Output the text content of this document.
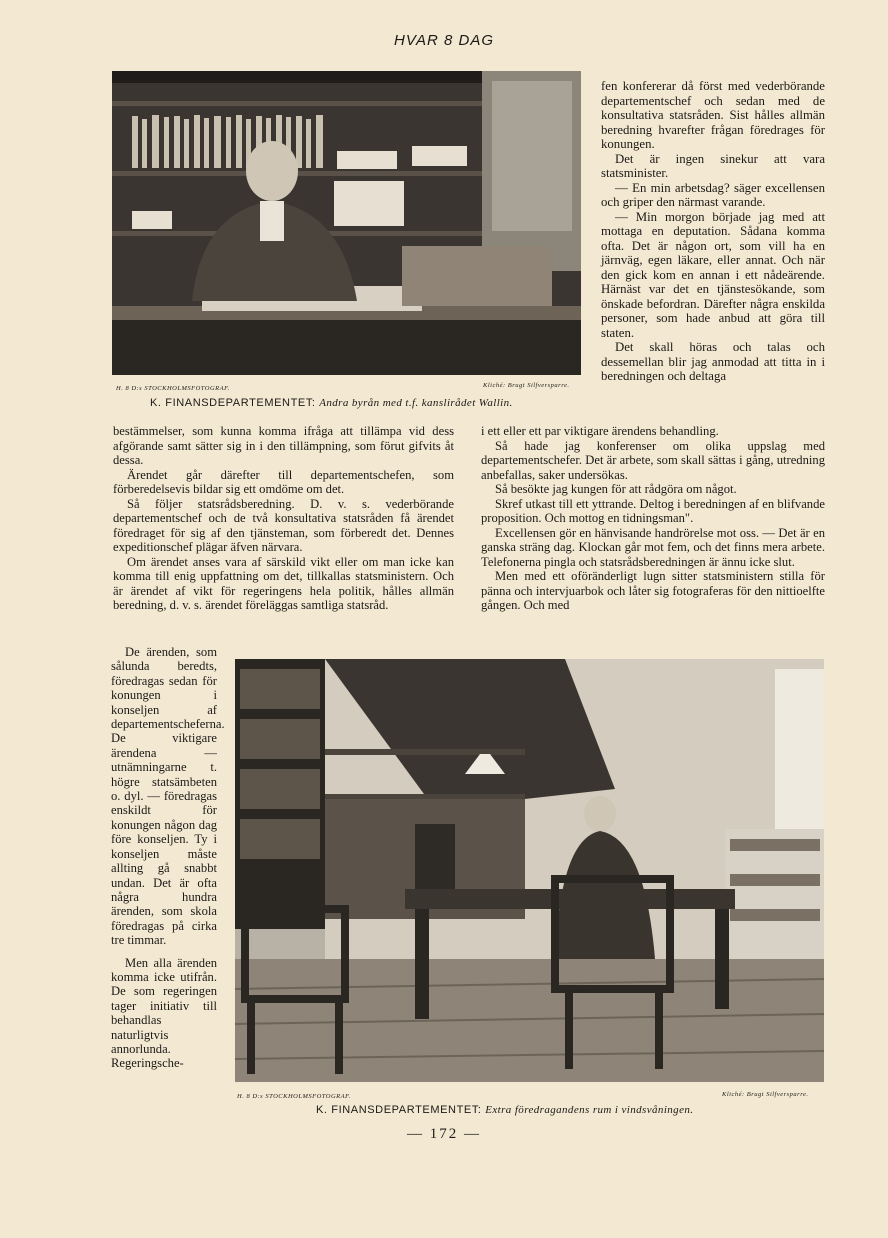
HVAR 8 DAG
H. 8 D:s STOCKHOLMSFOTOGRAF.	Kliché: Brugt Silfversparre.
K. FINANSDEPARTEMENTET: Andra byrån med t.f. kanslirådet Wallin.

fen konfererar då först med vederbörande departementschef och sedan med de konsultativa statsråden. Sist hålles allmän beredning hvarefter frågan föredrages för konungen.

Det är ingen sinekur att vara statsminister.

— En min arbetsdag? säger excellensen och griper den närmast varande.

— Min morgon började jag med att mottaga en deputation. Sådana komma ofta. Det är någon ort, som vill ha en järnväg, egen läkare, eller annat. Och när den gick kom en annan i ett nådeärende. Härnäst var det en tjänstesökande, som önskade befordran. Därefter några enskilda personer, som hade anbud att göra till staten.

Det skall höras och talas och dessemellan blir jag anmodad att titta in i beredningen och deltaga

bestämmelser, som kunna komma ifråga att tillämpa vid dess afgörande samt sätter sig in i den tillämpning, som förut gifvits åt dessa.

Ärendet går därefter till departementschefen, som förberedelsevis bildar sig ett omdöme om det.

Så följer statsrådsberedning. D. v. s. vederbörande departementschef och de två konsultativa statsråden få ärendet föredraget för sig af den tjänsteman, som förberedt det. Dennes expeditionschef plägar äfven närvara.

Om ärendet anses vara af särskild vikt eller om man icke kan komma till enig uppfattning om det, tillkallas statsministern. Och är ärendet af vikt för regeringens hela politik, hålles allmän beredning, d. v. s. ärendet föreläggas samtliga statsråd.

i ett eller ett par viktigare ärendens behandling.

Så hade jag konferenser om olika uppslag med departementschefer. Det är arbete, som skall sättas i gång, utredning anbefallas, saker undersökas.

Så besökte jag kungen för att rådgöra om något.

Skref utkast till ett yttrande. Deltog i beredningen af en blifvande proposition. Och mottog en tidningsman".

Excellensen gör en hänvisande handrörelse mot oss. — Det är en ganska sträng dag. Klockan går mot fem, och det finns mera arbete. Telefonerna pingla och statsrådsberedningen är ännu icke slut.

Men med ett oföränderligt lugn sitter statsministern stilla för pänna och intervjuarbok och låter sig fotograferas för den nittioelfte gången. Och med

De ärenden, som sålunda beredts, föredragas sedan för konungen i konseljen af departementscheferna. De viktigare ärendena — utnämningarne t. högre statsämbeten o. dyl. — föredragas enskildt för konungen någon dag före konseljen. Ty i konseljen måste allting gå snabbt undan. Det är ofta några hundra ärenden, som skola föredragas på cirka tre timmar.

Men alla ärenden komma icke utifrån. De som regeringen tager initiativ till behandlas naturligtvis annorlunda. Regeringsche-

H. 8 D:s STOCKHOLMSFOTOGRAF.	Kliché: Brugt Silfversparre.
K. FINANSDEPARTEMENTET: Extra föredragandens rum i vindsvåningen.
— 172 —
